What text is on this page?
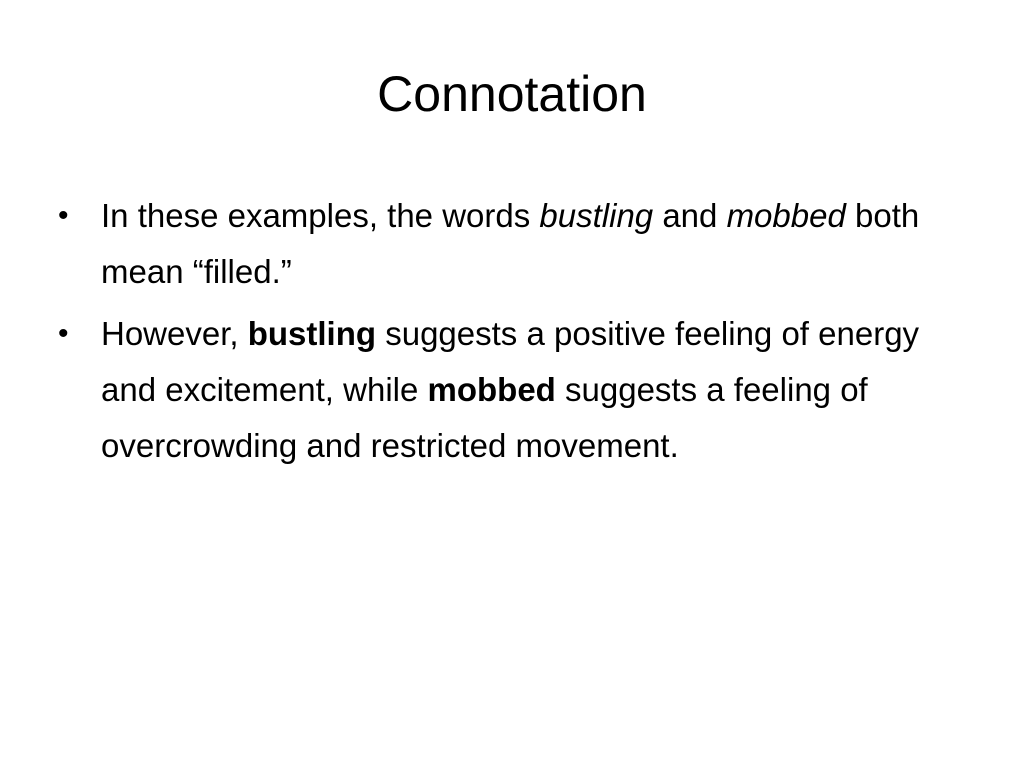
Connotation
• In these examples, the words bustling and mobbed both mean “filled.”
• However, bustling suggests a positive feeling of energy and excitement, while mobbed suggests a feeling of overcrowding and restricted movement.
